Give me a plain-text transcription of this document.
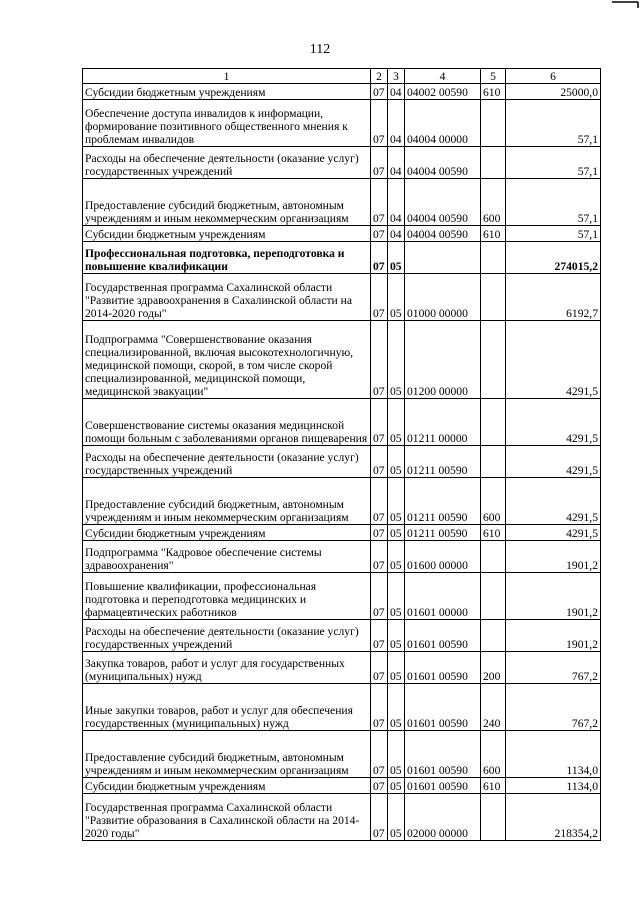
112
1	2	3	4	5	6
Субсидии бюджетным учреждениям	07	04	04002 00590	610	25000,0
Обеспечение доступа инвалидов к информации, формирование позитивного общественного мнения к проблемам инвалидов	07	04	04004 00000		57,1
Расходы на обеспечение деятельности (оказание услуг) государственных учреждений	07	04	04004 00590		57,1
Предоставление субсидий бюджетным, автономным учреждениям и иным некоммерческим организациям	07	04	04004 00590	600	57,1
Субсидии бюджетным учреждениям	07	04	04004 00590	610	57,1
Профессиональная подготовка, переподготовка и повышение квалификации	07	05			274015,2
Государственная программа Сахалинской области "Развитие здравоохранения в Сахалинской области на 2014-2020 годы"	07	05	01000 00000		6192,7
Подпрограмма "Совершенствование оказания специализированной, включая высокотехнологичную, медицинской помощи, скорой, в том числе скорой специализированной, медицинской помощи, медицинской эвакуации"	07	05	01200 00000		4291,5
Совершенствование системы оказания медицинской помощи больным с заболеваниями органов пищеварения	07	05	01211 00000		4291,5
Расходы на обеспечение деятельности (оказание услуг) государственных учреждений	07	05	01211 00590		4291,5
Предоставление субсидий бюджетным, автономным учреждениям и иным некоммерческим организациям	07	05	01211 00590	600	4291,5
Субсидии бюджетным учреждениям	07	05	01211 00590	610	4291,5
Подпрограмма "Кадровое обеспечение системы здравоохранения"	07	05	01600 00000		1901,2
Повышение квалификации, профессиональная подготовка и переподготовка медицинских и фармацевтических работников	07	05	01601 00000		1901,2
Расходы на обеспечение деятельности (оказание услуг) государственных учреждений	07	05	01601 00590		1901,2
Закупка товаров, работ и услуг для государственных (муниципальных) нужд	07	05	01601 00590	200	767,2
Иные закупки товаров, работ и услуг для обеспечения государственных (муниципальных) нужд	07	05	01601 00590	240	767,2
Предоставление субсидий бюджетным, автономным учреждениям и иным некоммерческим организациям	07	05	01601 00590	600	1134,0
Субсидии бюджетным учреждениям	07	05	01601 00590	610	1134,0
Государственная программа Сахалинской области "Развитие образования в Сахалинской области на 2014-2020 годы"	07	05	02000 00000		218354,2
